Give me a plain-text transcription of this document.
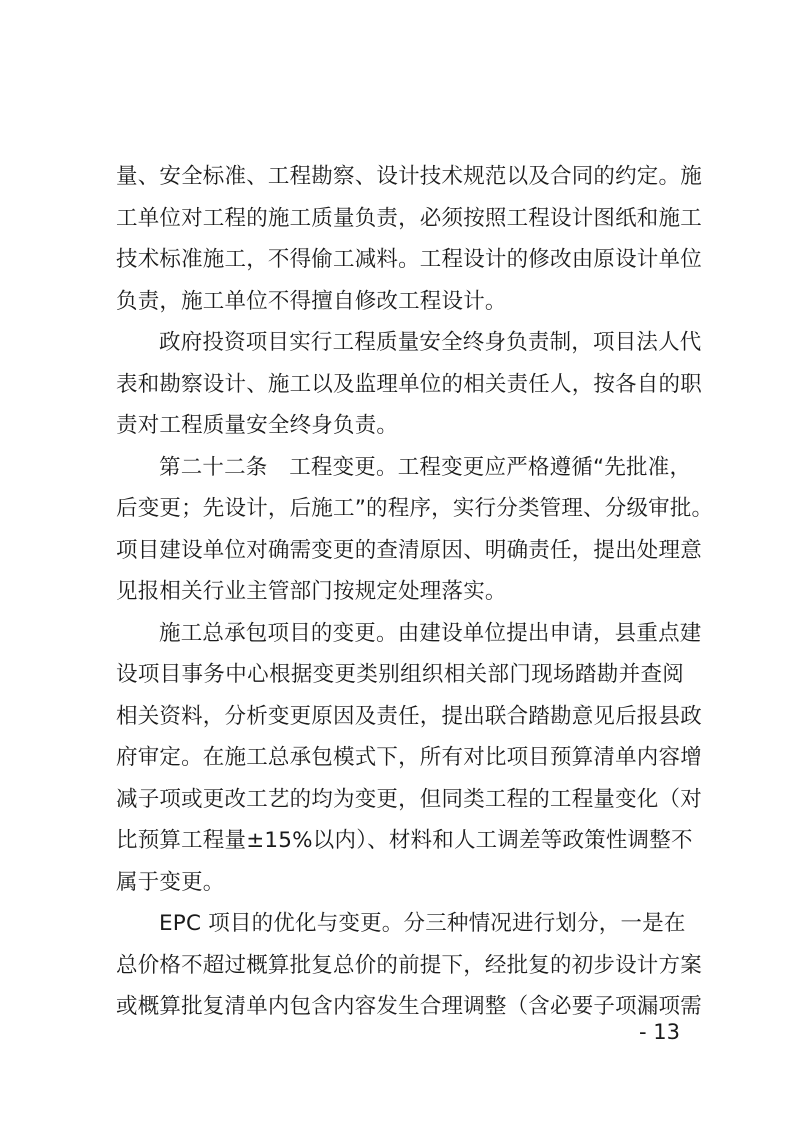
量、安全标准、工程勘察、设计技术规范以及合同的约定。施
工单位对工程的施工质量负责，必须按照工程设计图纸和施工
技术标准施工，不得偷工减料。工程设计的修改由原设计单位
负责，施工单位不得擅自修改工程设计。
政府投资项目实行工程质量安全终身负责制，项目法人代
表和勘察设计、施工以及监理单位的相关责任人，按各自的职
责对工程质量安全终身负责。
第二十二条　工程变更。工程变更应严格遵循“先批准，
后变更；先设计，后施工”的程序，实行分类管理、分级审批。
项目建设单位对确需变更的查清原因、明确责任，提出处理意
见报相关行业主管部门按规定处理落实。
施工总承包项目的变更。由建设单位提出申请，县重点建
设项目事务中心根据变更类别组织相关部门现场踏勘并查阅
相关资料，分析变更原因及责任，提出联合踏勘意见后报县政
府审定。在施工总承包模式下，所有对比项目预算清单内容增
减子项或更改工艺的均为变更，但同类工程的工程量变化（对
比预算工程量±15%以内）、材料和人工调差等政策性调整不
属于变更。
EPC 项目的优化与变更。分三种情况进行划分，一是在
总价格不超过概算批复总价的前提下，经批复的初步设计方案
或概算批复清单内包含内容发生合理调整（含必要子项漏项需
- 13
